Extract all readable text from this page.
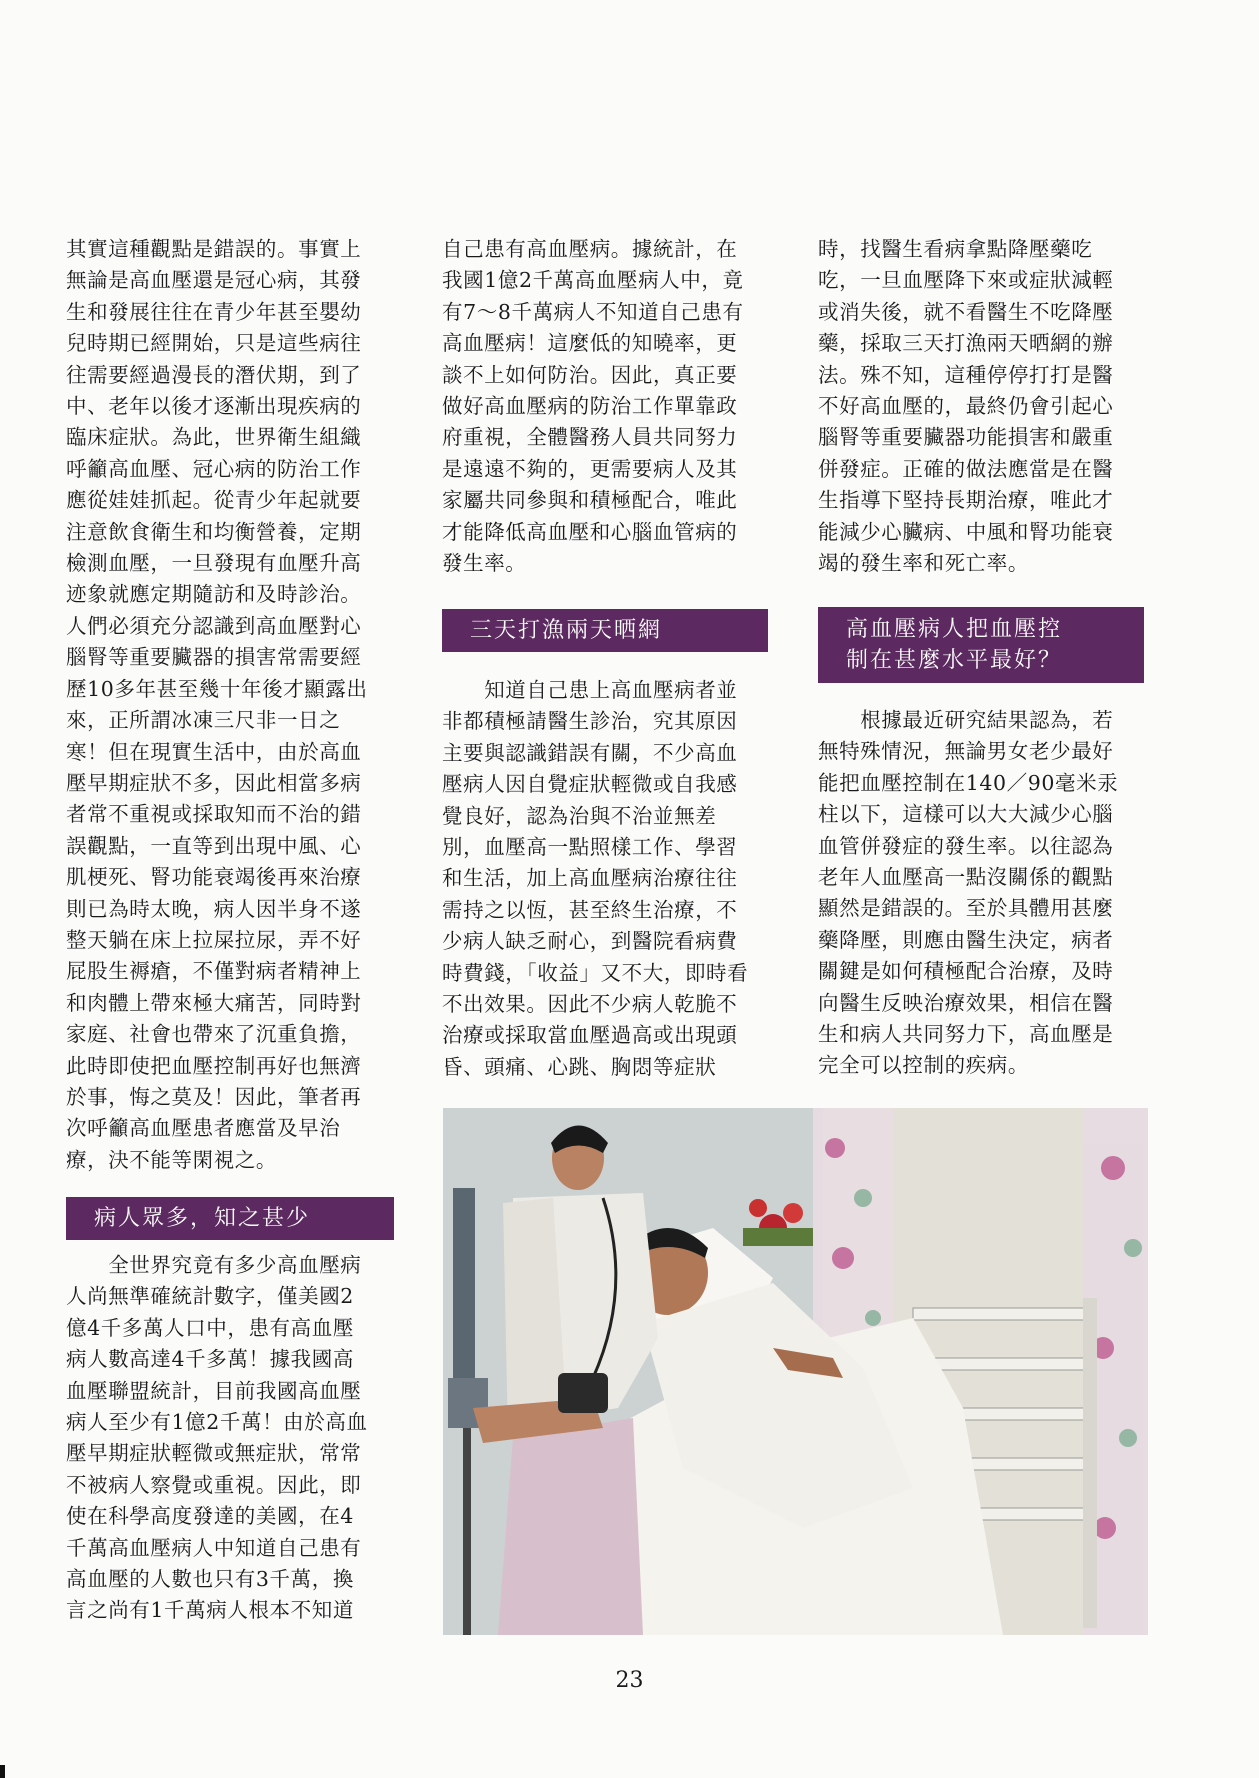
其實這種觀點是錯誤的。事實上
無論是高血壓還是冠心病，其發
生和發展往往在青少年甚至嬰幼
兒時期已經開始，只是這些病往
往需要經過漫長的潛伏期，到了
中、老年以後才逐漸出現疾病的
臨床症狀。為此，世界衛生組織
呼籲高血壓、冠心病的防治工作
應從娃娃抓起。從青少年起就要
注意飲食衛生和均衡營養，定期
檢測血壓，一旦發現有血壓升高
迹象就應定期隨訪和及時診治。
人們必須充分認識到高血壓對心
腦腎等重要臟器的損害常需要經
歷10多年甚至幾十年後才顯露出
來，正所謂冰凍三尺非一日之
寒！但在現實生活中，由於高血
壓早期症狀不多，因此相當多病
者常不重視或採取知而不治的錯
誤觀點，一直等到出現中風、心
肌梗死、腎功能衰竭後再來治療
則已為時太晚，病人因半身不遂
整天躺在床上拉屎拉尿，弄不好
屁股生褥瘡，不僅對病者精神上
和肉體上帶來極大痛苦，同時對
家庭、社會也帶來了沉重負擔，
此時即使把血壓控制再好也無濟
於事，悔之莫及！因此，筆者再
次呼籲高血壓患者應當及早治
療，決不能等閑視之。

病人眾多，知之甚少

　　全世界究竟有多少高血壓病
人尚無準確統計數字，僅美國2
億4千多萬人口中，患有高血壓
病人數高達4千多萬！據我國高
血壓聯盟統計，目前我國高血壓
病人至少有1億2千萬！由於高血
壓早期症狀輕微或無症狀，常常
不被病人察覺或重視。因此，即
使在科學高度發達的美國，在4
千萬高血壓病人中知道自己患有
高血壓的人數也只有3千萬，換
言之尚有1千萬病人根本不知道

自己患有高血壓病。據統計，在
我國1億2千萬高血壓病人中，竟
有7～8千萬病人不知道自己患有
高血壓病！這麼低的知曉率，更
談不上如何防治。因此，真正要
做好高血壓病的防治工作單靠政
府重視，全體醫務人員共同努力
是遠遠不夠的，更需要病人及其
家屬共同參與和積極配合，唯此
才能降低高血壓和心腦血管病的
發生率。

三天打漁兩天晒網

　　知道自己患上高血壓病者並
非都積極請醫生診治，究其原因
主要與認識錯誤有關，不少高血
壓病人因自覺症狀輕微或自我感
覺良好，認為治與不治並無差
別，血壓高一點照樣工作、學習
和生活，加上高血壓病治療往往
需持之以恆，甚至終生治療，不
少病人缺乏耐心，到醫院看病費
時費錢，「收益」又不大，即時看
不出效果。因此不少病人乾脆不
治療或採取當血壓過高或出現頭
昏、頭痛、心跳、胸悶等症狀

時，找醫生看病拿點降壓藥吃
吃，一旦血壓降下來或症狀減輕
或消失後，就不看醫生不吃降壓
藥，採取三天打漁兩天晒網的辦
法。殊不知，這種停停打打是醫
不好高血壓的，最終仍會引起心
腦腎等重要臟器功能損害和嚴重
併發症。正確的做法應當是在醫
生指導下堅持長期治療，唯此才
能減少心臟病、中風和腎功能衰
竭的發生率和死亡率。

高血壓病人把血壓控
制在甚麼水平最好？

　　根據最近研究結果認為，若
無特殊情況，無論男女老少最好
能把血壓控制在140／90毫米汞
柱以下，這樣可以大大減少心腦
血管併發症的發生率。以往認為
老年人血壓高一點沒關係的觀點
顯然是錯誤的。至於具體用甚麼
藥降壓，則應由醫生決定，病者
關鍵是如何積極配合治療，及時
向醫生反映治療效果，相信在醫
生和病人共同努力下，高血壓是
完全可以控制的疾病。

23
